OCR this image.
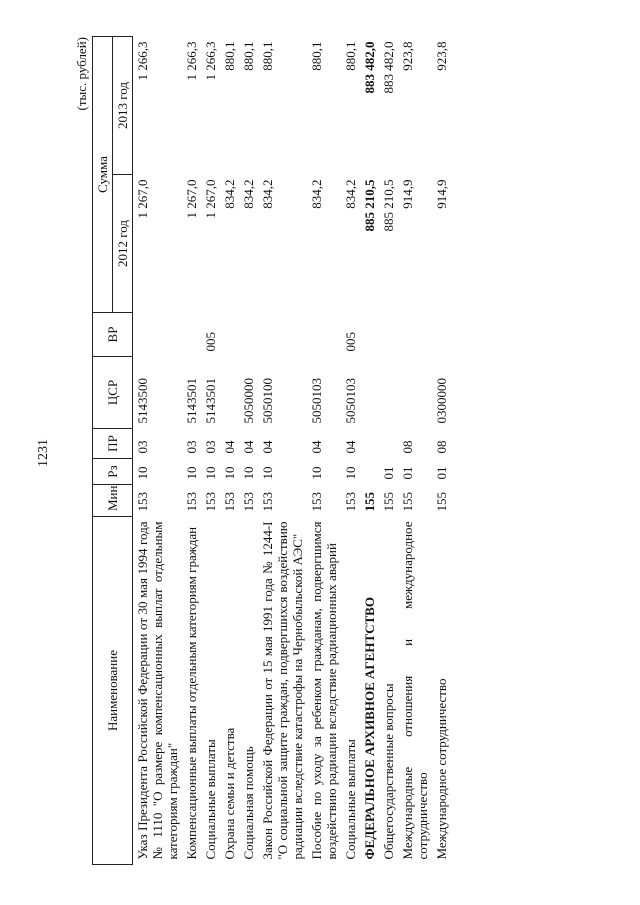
1231
(тыс. рублей)
Наименование	Мин	Рз	ПР	ЦСР	ВР	Сумма	
						2012 год	2013 год
Указ Президента Российской Федерации от 30 мая 1994 года № 1110 "О размере компенсационных выплат отдельным категориям граждан"	153	10	03	5143500		1 267,0	1 266,3
Компенсационные выплаты отдельным категориям граждан	153	10	03	5143501		1 267,0	1 266,3
Социальные выплаты	153	10	03	5143501	005	1 267,0	1 266,3
Охрана семьи и детства	153	10	04			834,2	880,1
Социальная помощь	153	10	04	5050000		834,2	880,1
Закон Российской Федерации от 15 мая 1991 года № 1244-I "О социальной защите граждан, подвергшихся воздействию радиации вследствие катастрофы на Чернобыльской АЭС"	153	10	04	5050100		834,2	880,1
Пособие по уходу за ребенком гражданам, подвергшимся воздействию радиации вследствие радиационных аварий	153	10	04	5050103		834,2	880,1
Социальные выплаты	153	10	04	5050103	005	834,2	880,1
ФЕДЕРАЛЬНОЕ АРХИВНОЕ АГЕНТСТВО	155					885 210,5	883 482,0
Общегосударственные вопросы	155	01				885 210,5	883 482,0
Международные отношения и международное сотрудничество	155	01	08			914,9	923,8
Международное сотрудничество	155	01	08	0300000		914,9	923,8
